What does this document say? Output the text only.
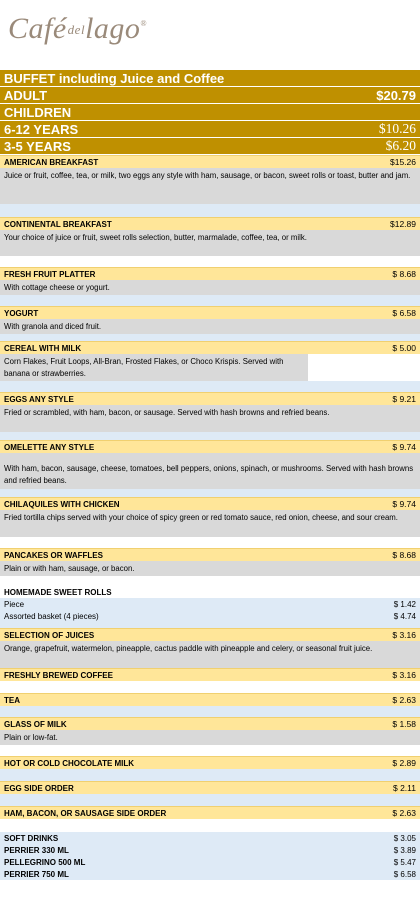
Cafédellago®
BUFFET including Juice and Coffee
ADULT	$20.79
CHILDREN
6-12 YEARS	$10.26
3-5 YEARS	$6.20
AMERICAN BREAKFAST	$15.26
Juice or fruit, coffee, tea, or milk, two eggs any style with ham, sausage, or bacon, sweet rolls or toast, butter and jam.
CONTINENTAL BREAKFAST	$12.89
Your choice of juice or fruit, sweet rolls selection, butter, marmalade, coffee, tea, or milk.
FRESH FRUIT PLATTER	$ 8.68
With cottage cheese or yogurt.
YOGURT	$ 6.58
With granola and diced fruit.
CEREAL WITH MILK	$ 5.00
Corn Flakes, Fruit Loops, All-Bran, Frosted Flakes, or Choco Krispis. Served with banana or strawberries.
EGGS ANY STYLE	$ 9.21
Fried or scrambled, with ham, bacon, or sausage. Served with hash browns and refried beans.
OMELETTE ANY STYLE	$ 9.74
With ham, bacon, sausage, cheese, tomatoes, bell peppers, onions, spinach, or mushrooms. Served with hash browns and refried beans.
CHILAQUILES WITH CHICKEN	$ 9.74
Fried tortilla chips served with your choice of spicy green or red tomato sauce, red onion, cheese, and sour cream.
PANCAKES OR WAFFLES	$ 8.68
Plain or with ham, sausage, or bacon.
HOMEMADE SWEET ROLLS
Piece	$ 1.42
Assorted basket (4 pieces)	$ 4.74
SELECTION OF JUICES	$ 3.16
Orange, grapefruit, watermelon, pineapple, cactus paddle with pineapple and celery, or seasonal fruit juice.
FRESHLY BREWED COFFEE	$ 3.16
TEA	$ 2.63
GLASS OF MILK	$ 1.58
Plain or low-fat.
HOT OR COLD CHOCOLATE MILK	$ 2.89
EGG SIDE ORDER	$ 2.11
HAM, BACON, OR SAUSAGE SIDE ORDER	$ 2.63
SOFT DRINKS	$ 3.05
PERRIER 330 ML	$ 3.89
PELLEGRINO 500 ML	$ 5.47
PERRIER 750 ML	$ 6.58
